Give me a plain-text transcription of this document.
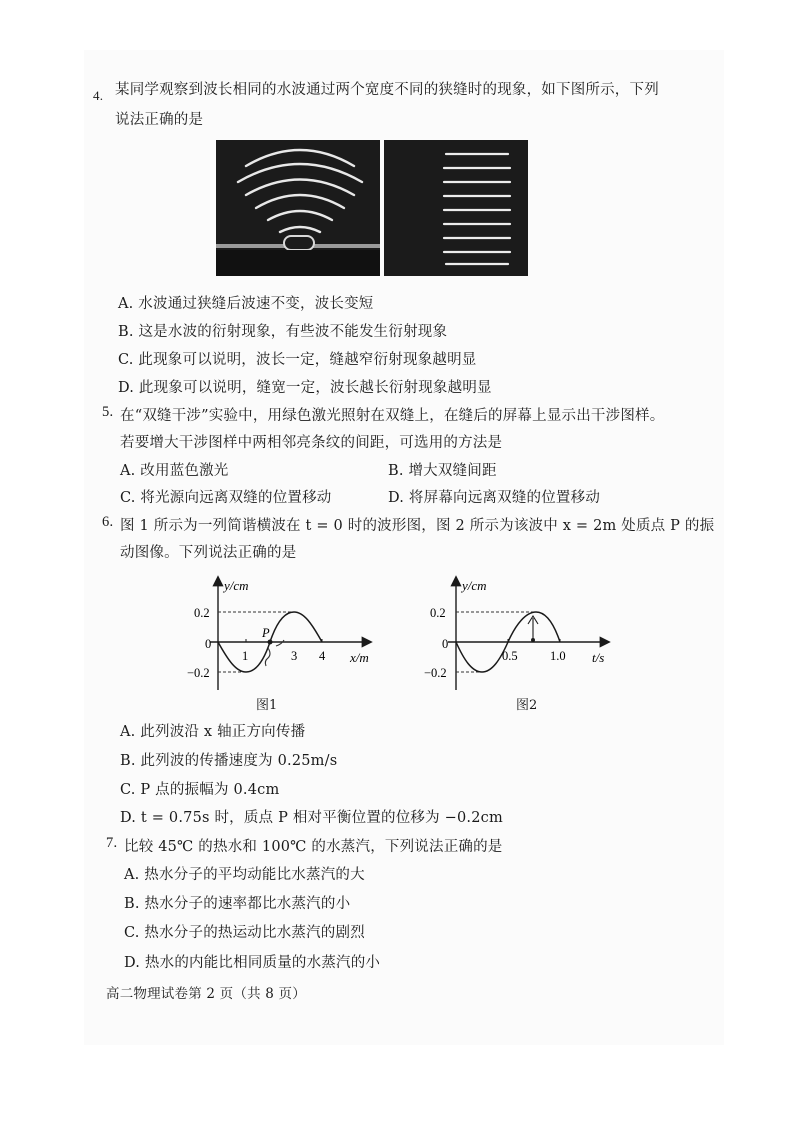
4. 某同学观察到波长相同的水波通过两个宽度不同的狭缝时的现象，如下图所示，下列
说法正确的是
A. 水波通过狭缝后波速不变，波长变短
B. 这是水波的衍射现象，有些波不能发生衍射现象
C. 此现象可以说明，波长一定，缝越窄衍射现象越明显
D. 此现象可以说明，缝宽一定，波长越长衍射现象越明显
5. 在“双缝干涉”实验中，用绿色激光照射在双缝上，在缝后的屏幕上显示出干涉图样。
若要增大干涉图样中两相邻亮条纹的间距，可选用的方法是
A. 改用蓝色激光	B. 增大双缝间距
C. 将光源向远离双缝的位置移动	D. 将屏幕向远离双缝的位置移动
6. 图 1 所示为一列简谐横波在 t = 0 时的波形图，图 2 所示为该波中 x = 2m 处质点 P 的振
动图像。下列说法正确的是
y/cm
0.2
0
−0.2
P
1	3 4 x/m
图1
y/cm
0.2
0
−0.2
0.5	1.0 t/s
图2
A. 此列波沿 x 轴正方向传播
B. 此列波的传播速度为 0.25m/s
C. P 点的振幅为 0.4cm
D. t = 0.75s 时，质点 P 相对平衡位置的位移为 −0.2cm
7. 比较 45℃ 的热水和 100℃ 的水蒸汽，下列说法正确的是
A. 热水分子的平均动能比水蒸汽的大
B. 热水分子的速率都比水蒸汽的小
C. 热水分子的热运动比水蒸汽的剧烈
D. 热水的内能比相同质量的水蒸汽的小
高二物理试卷第 2 页（共 8 页）
